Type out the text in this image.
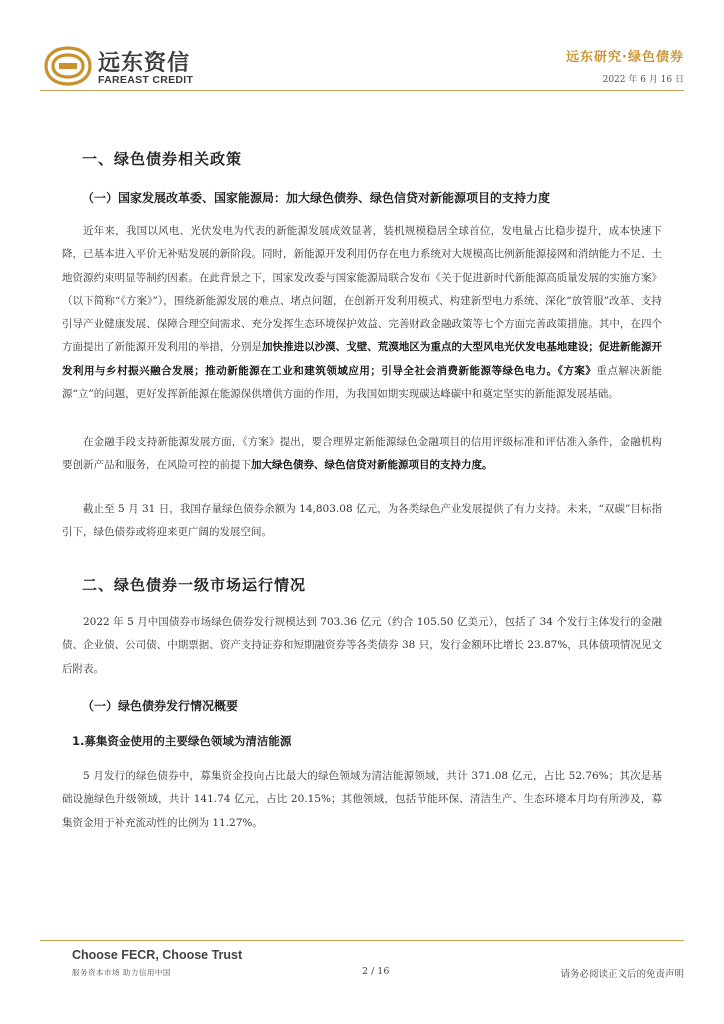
远东资信
FAREAST CREDIT
远东研究·绿色债券
2022 年 6 月 16 日
一、绿色债券相关政策
（一）国家发展改革委、国家能源局：加大绿色债券、绿色信贷对新能源项目的支持力度

近年来，我国以风电、光伏发电为代表的新能源发展成效显著，装机规模稳居全球首位，发电量占比稳步提升，成本快速下降，已基本进入平价无补贴发展的新阶段。同时，新能源开发利用仍存在电力系统对大规模高比例新能源接网和消纳能力不足、土地资源约束明显等制约因素。在此背景之下，国家发改委与国家能源局联合发布《关于促进新时代新能源高质量发展的实施方案》（以下简称“《方案》”），围绕新能源发展的难点、堵点问题，在创新开发利用模式、构建新型电力系统、深化“放管服”改革、支持引导产业健康发展、保障合理空间需求、充分发挥生态环境保护效益、完善财政金融政策等七个方面完善政策措施。其中，在四个方面提出了新能源开发利用的举措，分别是加快推进以沙漠、戈壁、荒漠地区为重点的大型风电光伏发电基地建设；促进新能源开发利用与乡村振兴融合发展；推动新能源在工业和建筑领域应用；引导全社会消费新能源等绿色电力。《方案》重点解决新能源“立”的问题，更好发挥新能源在能源保供增供方面的作用，为我国如期实现碳达峰碳中和奠定坚实的新能源发展基础。

在金融手段支持新能源发展方面，《方案》提出，要合理界定新能源绿色金融项目的信用评级标准和评估准入条件，金融机构要创新产品和服务，在风险可控的前提下加大绿色债券、绿色信贷对新能源项目的支持力度。

截止至 5 月 31 日，我国存量绿色债券余额为 14,803.08 亿元，为各类绿色产业发展提供了有力支持。未来，“双碳”目标指引下，绿色债券或将迎来更广阔的发展空间。

二、绿色债券一级市场运行情况

2022 年 5 月中国债券市场绿色债券发行规模达到 703.36 亿元（约合 105.50 亿美元），包括了 34 个发行主体发行的金融债、企业债、公司债、中期票据、资产支持证券和短期融资券等各类债券 38 只，发行金额环比增长 23.87%，具体债项情况见文后附表。

（一）绿色债券发行情况概要
1.募集资金使用的主要绿色领域为清洁能源

5 月发行的绿色债券中，募集资金投向占比最大的绿色领域为清洁能源领域，共计 371.08 亿元，占比 52.76%；其次是基础设施绿色升级领域，共计 141.74 亿元，占比 20.15%；其他领域，包括节能环保、清洁生产、生态环境本月均有所涉及，募集资金用于补充流动性的比例为 11.27%。

Choose FECR, Choose Trust
服务资本市场 助力信用中国	2 / 16	请务必阅读正文后的免责声明
